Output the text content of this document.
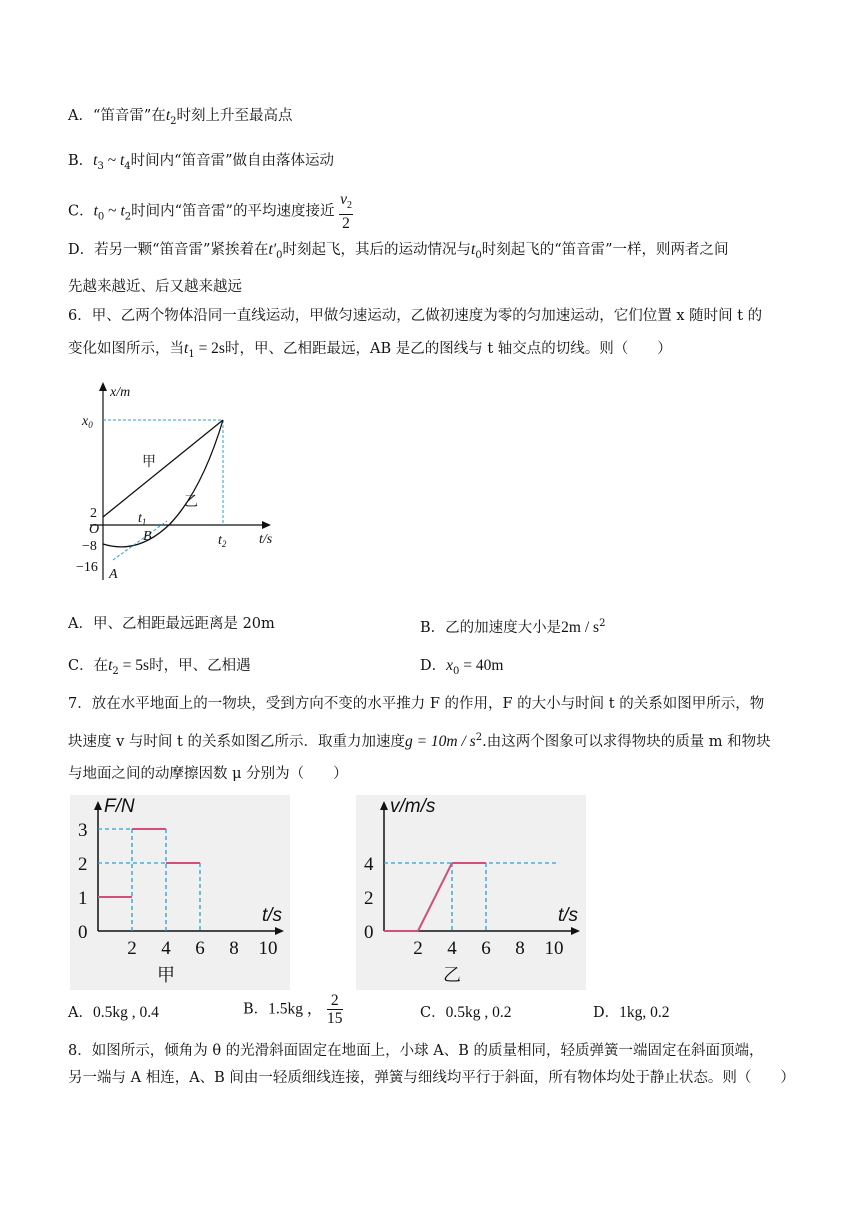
A．“笛音雷”在$t_2$时刻上升至最高点
B．$t_3$ ~ $t_4$时间内“笛音雷”做自由落体运动
C．$t_0$ ~ $t_2$时间内“笛音雷”的平均速度接近 $\frac{v_2}{2}$
D．若另一颗“笛音雷”紧挨着在$t'_0$时刻起飞，其后的运动情况与$t_0$时刻起飞的“笛音雷”一样，则两者之间
先越来越近、后又越来越远
6．甲、乙两个物体沿同一直线运动，甲做匀速运动，乙做初速度为零的匀加速运动，它们位置 x 随时间 t 的
变化如图所示，当$t_1 = 2s$时，甲、乙相距最远，AB 是乙的图线与 t 轴交点的切线。则（　　）
x/m
t/s
$x_0$
2
O
−8
−16
甲
乙
$t_1$
B	$t_2$
A
A．甲、乙相距最远距离是 20m	B．乙的加速度大小是$2m / s^2$
C．在$t_2 = 5s$时，甲、乙相遇	D．$x_0 = 40m$
7．放在水平地面上的一物块，受到方向不变的水平推力 F 的作用，F 的大小与时间 t 的关系如图甲所示，物
块速度 v 与时间 t 的关系如图乙所示．取重力加速度$g = 10m / s^2$.由这两个图象可以求得物块的质量 m 和物块
与地面之间的动摩擦因数 μ 分别为（　　）
F/N
t/s
3
2
1
0
2 4 6 8 10
甲
v/m/s
t/s
4
2
0
2 4 6 8 10
乙
A．0.5kg , 0.4	B．1.5kg ， $\frac{2}{15}$	C．0.5kg , 0.2	D．1kg, 0.2
8．如图所示，倾角为 θ 的光滑斜面固定在地面上，小球 A、B 的质量相同，轻质弹簧一端固定在斜面顶端，
另一端与 A 相连，A、B 间由一轻质细线连接，弹簧与细线均平行于斜面，所有物体均处于静止状态。则（　　）
